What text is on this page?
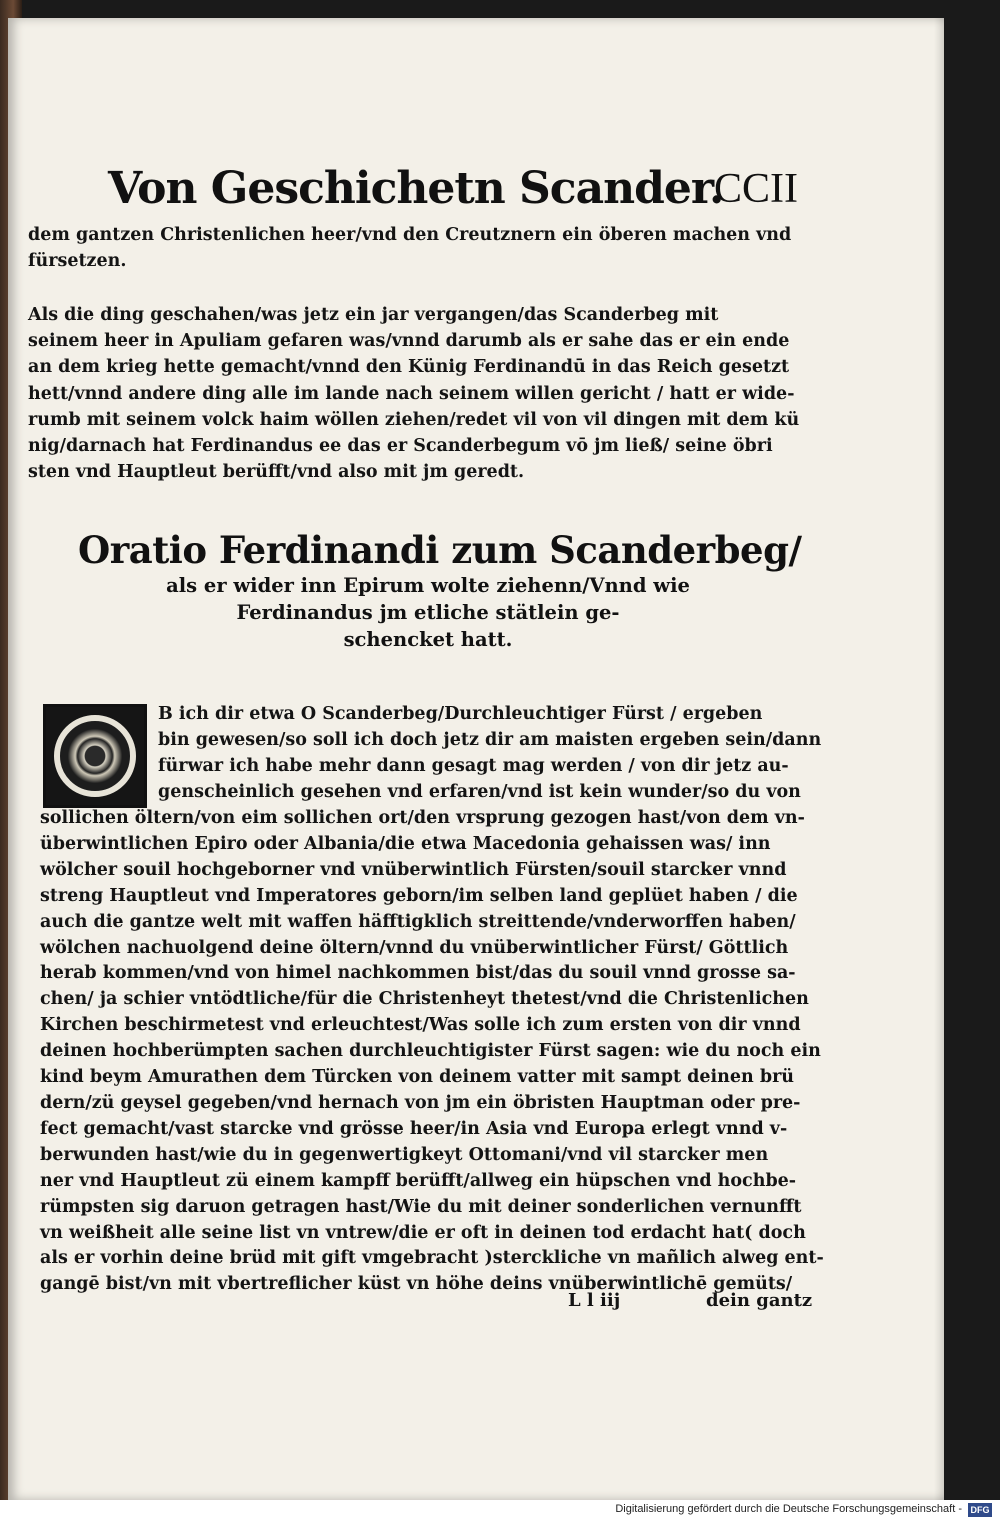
Von Geschichetn Scander.
CCII

dem gantzen Christenlichen heer/vnd den Creutznern ein öberen machen vnd

fürsetzen.

Als die ding geschahen/was jetz ein jar vergangen/das Scanderbeg mit

seinem heer in Apuliam gefaren was/vnnd darumb als er sahe das er ein ende

an dem krieg hette gemacht/vnnd den Künig Ferdinandū in das Reich gesetzt

hett/vnnd andere ding alle im lande nach seinem willen gericht / hatt er wide-

rumb mit seinem volck haim wöllen ziehen/redet vil von vil dingen mit dem kü

nig/darnach hat Ferdinandus ee das er Scanderbegum vō jm ließ/ seine öbri

sten vnd Hauptleut berüfft/vnd also mit jm geredt.

Oratio Ferdinandi zum Scanderbeg/
als er wider inn Epirum wolte ziehenn/Vnnd wie
Ferdinandus jm etliche stätlein ge-
schencket hatt.

B ich dir etwa O Scanderbeg/Durchleuchtiger Fürst / ergeben

bin gewesen/so soll ich doch jetz dir am maisten ergeben sein/dann

fürwar ich habe mehr dann gesagt mag werden / von dir jetz au-

genscheinlich gesehen vnd erfaren/vnd ist kein wunder/so du von

sollichen öltern/von eim sollichen ort/den vrsprung gezogen hast/von dem vn-

überwintlichen Epiro oder Albania/die etwa Macedonia gehaissen was/ inn

wölcher souil hochgeborner vnd vnüberwintlich Fürsten/souil starcker vnnd

streng Hauptleut vnd Imperatores geborn/im selben land geplüet haben / die

auch die gantze welt mit waffen häfftigklich streittende/vnderworffen haben/

wölchen nachuolgend deine öltern/vnnd du vnüberwintlicher Fürst/ Göttlich

herab kommen/vnd von himel nachkommen bist/das du souil vnnd grosse sa-

chen/ ja schier vntödtliche/für die Christenheyt thetest/vnd die Christenlichen

Kirchen beschirmetest vnd erleuchtest/Was solle ich zum ersten von dir vnnd

deinen hochberümpten sachen durchleuchtigister Fürst sagen: wie du noch ein

kind beym Amurathen dem Türcken von deinem vatter mit sampt deinen brü

dern/zü geysel gegeben/vnd hernach von jm ein öbristen Hauptman oder pre-

fect gemacht/vast starcke vnd grösse heer/in Asia vnd Europa erlegt vnnd v-

berwunden hast/wie du in gegenwertigkeyt Ottomani/vnd vil starcker men

ner vnd Hauptleut zü einem kampff berüfft/allweg ein hüpschen vnd hochbe-

rümpsten sig daruon getragen hast/Wie du mit deiner sonderlichen vernunfft

vn weißheit alle seine list vn vntrew/die er oft in deinen tod erdacht hat( doch

als er vorhin deine brüd mit gift vmgebracht )sterckliche vn mañlich alweg ent-

gangē bist/vn mit vbertreflicher küst vn höhe deins vnüberwintlichē gemüts/

L l iij	dein gantz
Digitalisierung gefördert durch die Deutsche Forschungsgemeinschaft - DFG
